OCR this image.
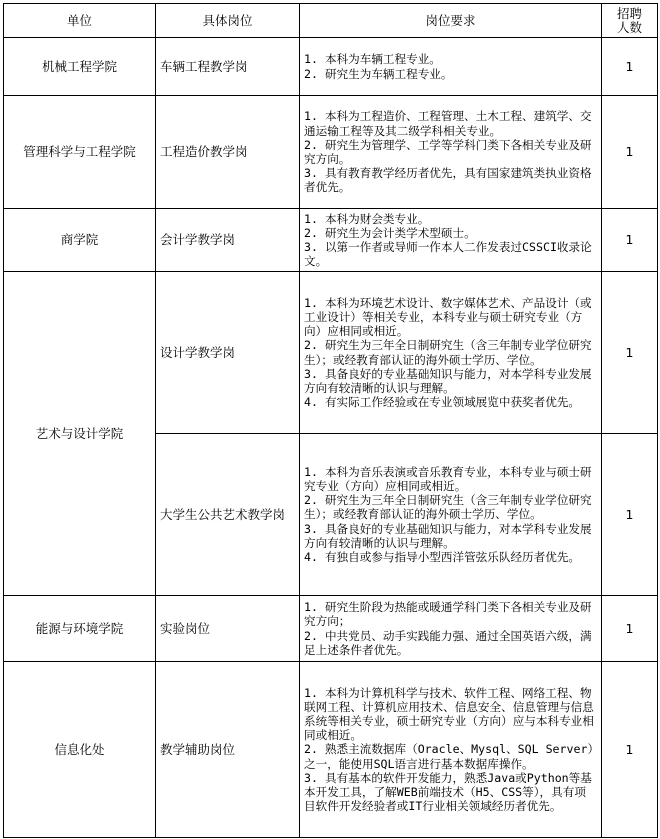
单位	具体岗位	岗位要求	招聘人数
机械工程学院	车辆工程教学岗	1. 本科为车辆工程专业。
2. 研究生为车辆工程专业。	1
管理科学与工程学院	工程造价教学岗	1. 本科为工程造价、工程管理、土木工程、建筑学、交通运输工程等及其二级学科相关专业。
2. 研究生为管理学、工学等学科门类下各相关专业及研究方向。
3. 具有教育教学经历者优先，具有国家建筑类执业资格者优先。	1
商学院	会计学教学岗	1. 本科为财会类专业。
2. 研究生为会计类学术型硕士。
3. 以第一作者或导师一作本人二作发表过CSSCI收录论文。	1
艺术与设计学院	设计学教学岗	1. 本科为环境艺术设计、数字媒体艺术、产品设计（或工业设计）等相关专业，本科专业与硕士研究专业（方向）应相同或相近。
2. 研究生为三年全日制研究生（含三年制专业学位研究生）；或经教育部认证的海外硕士学历、学位。
3. 具备良好的专业基础知识与能力，对本学科专业发展方向有较清晰的认识与理解。
4. 有实际工作经验或在专业领域展览中获奖者优先。	1
	大学生公共艺术教学岗	1. 本科为音乐表演或音乐教育专业，本科专业与硕士研究专业（方向）应相同或相近。
2. 研究生为三年全日制研究生（含三年制专业学位研究生）；或经教育部认证的海外硕士学历、学位。
3. 具备良好的专业基础知识与能力，对本学科专业发展方向有较清晰的认识与理解。
4. 有独自或参与指导小型西洋管弦乐队经历者优先。	1
能源与环境学院	实验岗位	1. 研究生阶段为热能或暖通学科门类下各相关专业及研究方向；
2. 中共党员、动手实践能力强、通过全国英语六级，满足上述条件者优先。	1
信息化处	教学辅助岗位	1. 本科为计算机科学与技术、软件工程、网络工程、物联网工程、计算机应用技术、信息安全、信息管理与信息系统等相关专业，硕士研究专业（方向）应与本科专业相同或相近。
2. 熟悉主流数据库（Oracle、Mysql、SQL Server）之一，能使用SQL语言进行基本数据库操作。
3. 具有基本的软件开发能力，熟悉Java或Python等基本开发工具，了解WEB前端技术（H5、CSS等），具有项目软件开发经验者或IT行业相关领域经历者优先。	1
